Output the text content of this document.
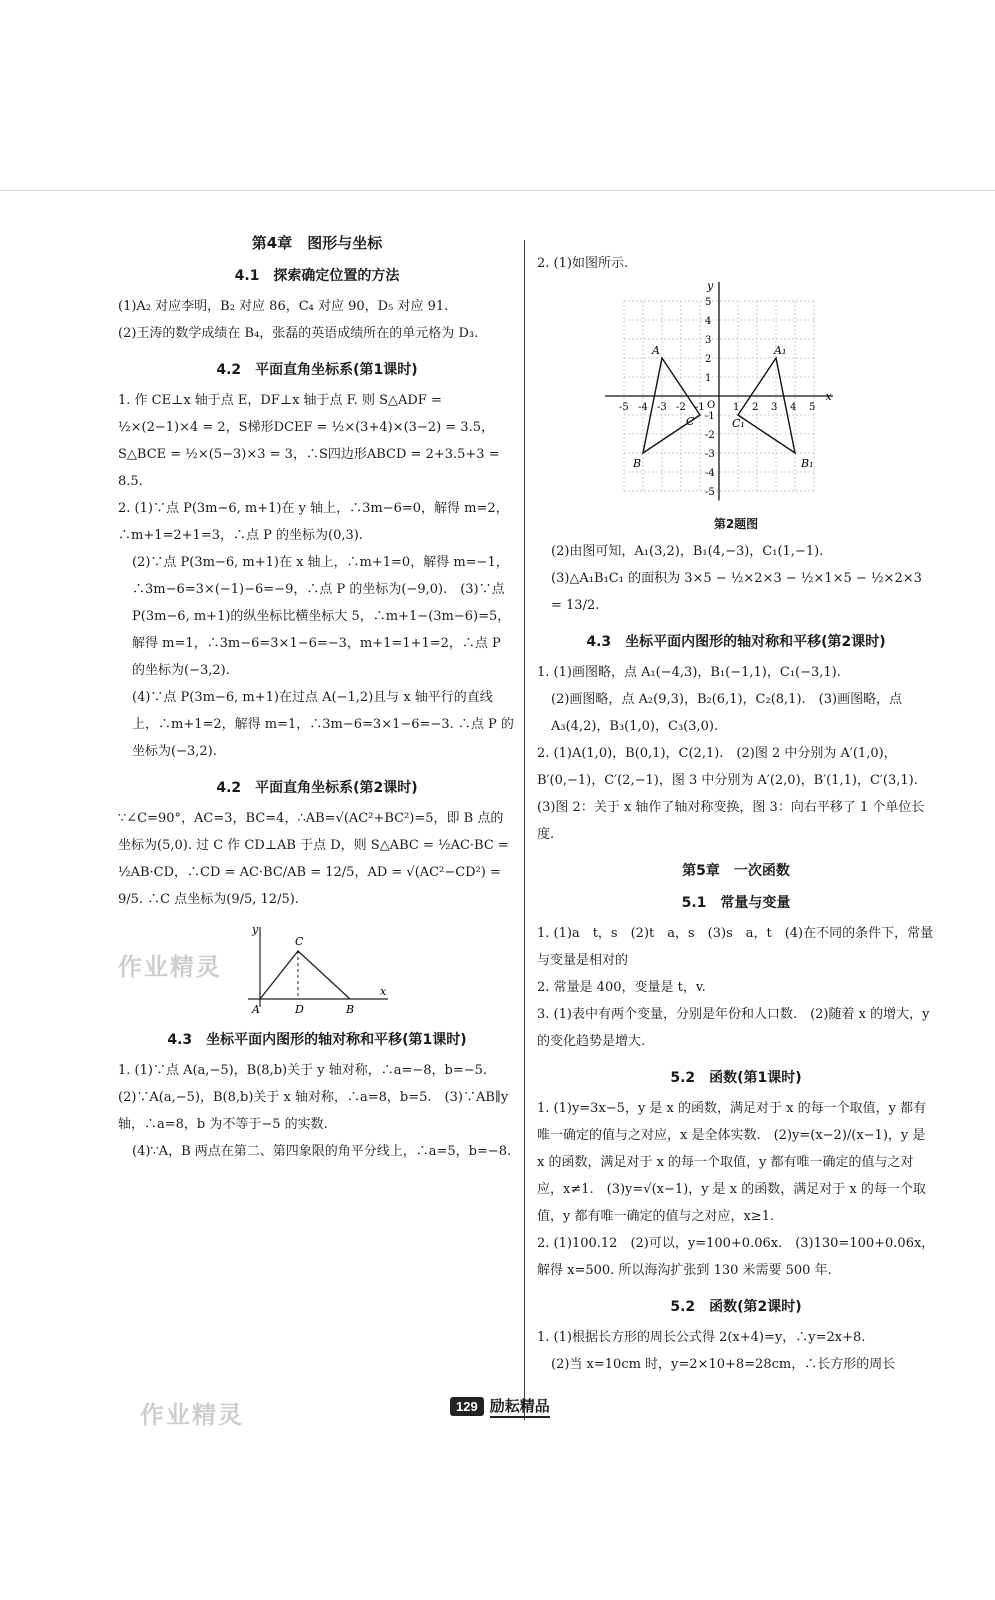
第4章　图形与坐标
4.1　探索确定位置的方法

(1)A₂ 对应李明，B₂ 对应 86，C₄ 对应 90，D₅ 对应 91.

(2)王涛的数学成绩在 B₄，张磊的英语成绩所在的单元格为 D₃.

4.2　平面直角坐标系(第1课时)

1. 作 CE⊥x 轴于点 E，DF⊥x 轴于点 F. 则 S△ADF = ½×(2−1)×4 = 2，S梯形DCEF = ½×(3+4)×(3−2) = 3.5，S△BCE = ½×(5−3)×3 = 3，∴S四边形ABCD = 2+3.5+3 = 8.5.

2. (1)∵点 P(3m−6, m+1)在 y 轴上，∴3m−6=0，解得 m=2，∴m+1=2+1=3，∴点 P 的坐标为(0,3).

(2)∵点 P(3m−6, m+1)在 x 轴上，∴m+1=0，解得 m=−1，∴3m−6=3×(−1)−6=−9，∴点 P 的坐标为(−9,0).　(3)∵点 P(3m−6, m+1)的纵坐标比横坐标大 5，∴m+1−(3m−6)=5，解得 m=1，∴3m−6=3×1−6=−3，m+1=1+1=2，∴点 P 的坐标为(−3,2).

(4)∵点 P(3m−6, m+1)在过点 A(−1,2)且与 x 轴平行的直线上，∴m+1=2，解得 m=1，∴3m−6=3×1−6=−3. ∴点 P 的坐标为(−3,2).

4.2　平面直角坐标系(第2课时)

∵∠C=90°，AC=3，BC=4，∴AB=√(AC²+BC²)=5，即 B 点的坐标为(5,0). 过 C 作 CD⊥AB 于点 D，则 S△ABC = ½AC·BC = ½AB·CD，∴CD = AC·BC/AB = 12/5，AD = √(AC²−CD²) = 9/5. ∴C 点坐标为(9/5, 12/5).

作业精灵
y
C
A	D	B
x
4.3　坐标平面内图形的轴对称和平移(第1课时)

1. (1)∵点 A(a,−5)，B(8,b)关于 y 轴对称，∴a=−8，b=−5.　(2)∵A(a,−5)，B(8,b)关于 x 轴对称，∴a=8，b=5.　(3)∵AB∥y 轴，∴a=8，b 为不等于−5 的实数.

(4)∵A，B 两点在第二、第四象限的角平分线上，∴a=5，b=−8.

2. (1)如图所示.

y
x
O
-5 -4 -3 -2 -1	1 2 3 4 5
5
4
3
2
1
-1
-2
-3
-4
-5
A
B
C
A₁
B₁
C₁
第2题图

(2)由图可知，A₁(3,2)，B₁(4,−3)，C₁(1,−1).

(3)△A₁B₁C₁ 的面积为 3×5 − ½×2×3 − ½×1×5 − ½×2×3 = 13/2.

4.3　坐标平面内图形的轴对称和平移(第2课时)

1. (1)画图略，点 A₁(−4,3)，B₁(−1,1)，C₁(−3,1).

(2)画图略，点 A₂(9,3)，B₂(6,1)，C₂(8,1).　(3)画图略，点 A₃(4,2)，B₃(1,0)，C₃(3,0).

2. (1)A(1,0)，B(0,1)，C(2,1).　(2)图 2 中分别为 A′(1,0)，B′(0,−1)，C′(2,−1)，图 3 中分别为 A′(2,0)，B′(1,1)，C′(3,1).　(3)图 2：关于 x 轴作了轴对称变换，图 3：向右平移了 1 个单位长度.

第5章　一次函数
5.1　常量与变量

1. (1)a　t，s　(2)t　a，s　(3)s　a，t　(4)在不同的条件下，常量与变量是相对的

2. 常量是 400，变量是 t，v.

3. (1)表中有两个变量，分别是年份和人口数.　(2)随着 x 的增大，y 的变化趋势是增大.

5.2　函数(第1课时)

1. (1)y=3x−5，y 是 x 的函数，满足对于 x 的每一个取值，y 都有唯一确定的值与之对应，x 是全体实数.　(2)y=(x−2)/(x−1)，y 是 x 的函数，满足对于 x 的每一个取值，y 都有唯一确定的值与之对应，x≠1.　(3)y=√(x−1)，y 是 x 的函数，满足对于 x 的每一个取值，y 都有唯一确定的值与之对应，x≥1.

2. (1)100.12　(2)可以，y=100+0.06x.　(3)130=100+0.06x，解得 x=500. 所以海沟扩张到 130 米需要 500 年.

5.2　函数(第2课时)

1. (1)根据长方形的周长公式得 2(x+4)=y，∴y=2x+8.

(2)当 x=10cm 时，y=2×10+8=28cm，∴长方形的周长

作业精灵	129 励耘精品
